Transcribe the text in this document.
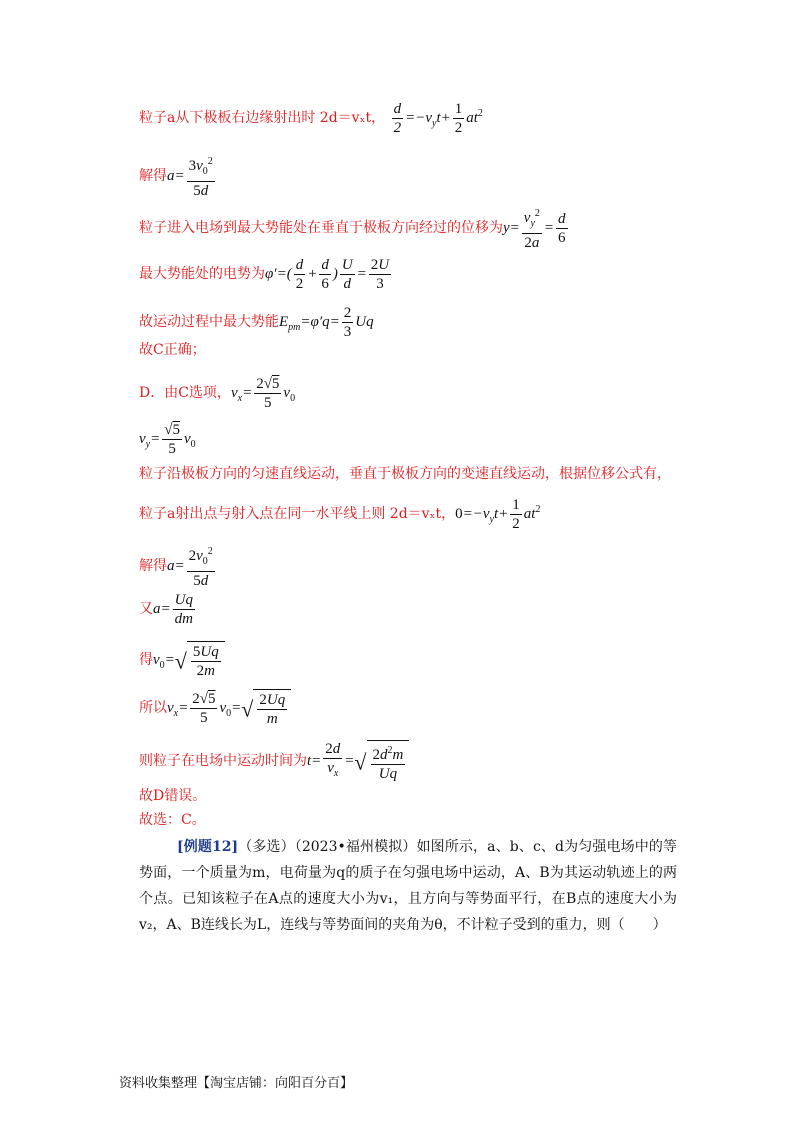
粒子a从下极板右边缘射出时 2d＝vₓt， $\frac{d}{2} =-v_yt+ \frac{1}{2} at^2$
解得$a= \frac{3v_0^2}{5d}$
粒子进入电场到最大势能处在垂直于极板方向经过的位移为$y= \frac{v_y^2}{2a} = \frac{d}{6}$
最大势能处的电势为$\varphi'=( \frac{d}{2} + \frac{d}{6}$ ) $\frac{U}{d} = \frac{2U}{3}$
故运动过程中最大势能$E_{pm}=\varphi'q= \frac{2}{3}$ Uq
故C正确；
D．由C选项，$v_x= \frac{2√5}{5} v_0$
$v_y= \frac{√5}{5} v_0$
粒子沿极板方向的匀速直线运动，垂直于极板方向的变速直线运动，根据位移公式有，
粒子a射出点与射入点在同一水平线上则 2d＝vₓt，$0=-v_yt+ \frac{1}{2} at^2$
解得$a= \frac{2v_0^2}{5d}$
又$a= \frac{Uq}{dm}$
得$v_0=√ \frac{5Uq}{2m}$
所以$v_x= \frac{2√5}{5} v_0=√ \frac{2Uq}{m}$
则粒子在电场中运动时间为$t= \frac{2d}{v_x}$ =√ $\frac{2d^2m}{Uq}$
故D错误。
故选：C。
[例题12]（多选）（2023•福州模拟）如图所示，a、b、c、d为匀强电场中的等势面，一个质量为m，电荷量为q的质子在匀强电场中运动，A、B为其运动轨迹上的两个点。已知该粒子在A点的速度大小为v₁，且方向与等势面平行，在B点的速度大小为v₂，A、B连线长为L，连线与等势面间的夹角为θ，不计粒子受到的重力，则（　　）
资料收集整理【淘宝店铺：向阳百分百】
